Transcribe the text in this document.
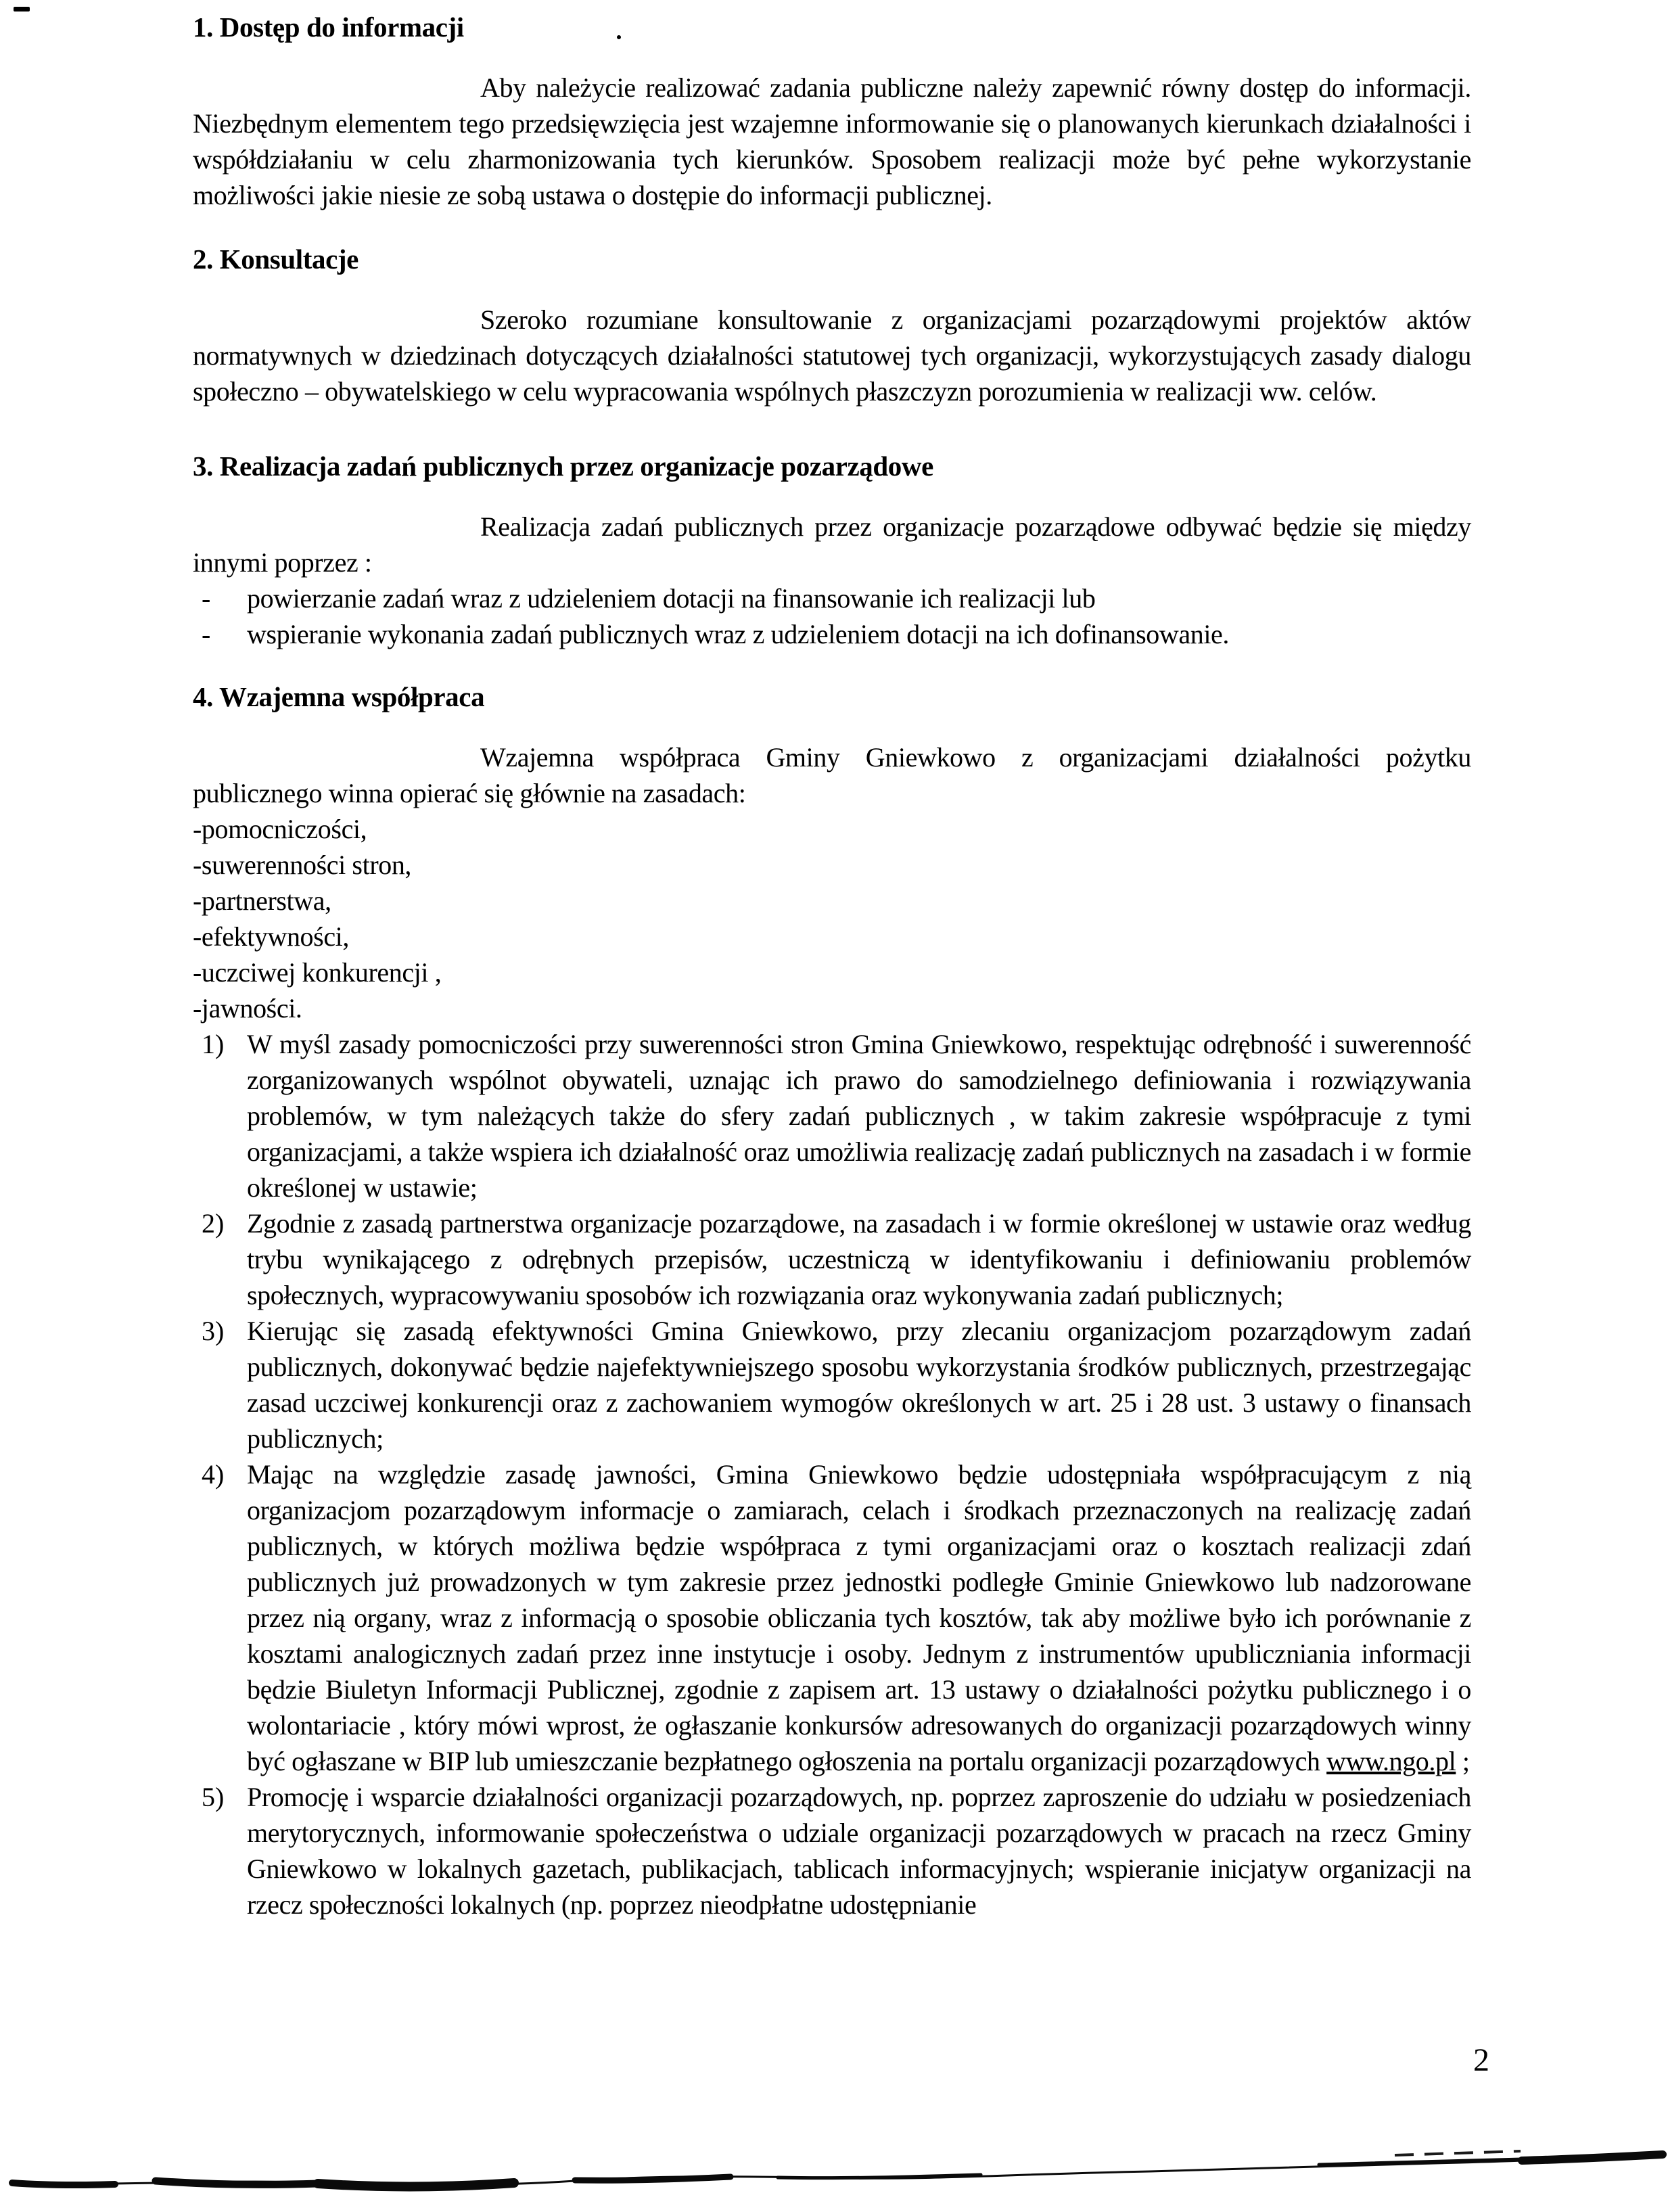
1. Dostęp do informacji

Aby należycie realizować zadania publiczne należy zapewnić równy dostęp do informacji. Niezbędnym elementem tego przedsięwzięcia jest wzajemne informowanie się o planowanych kierunkach działalności i współdziałaniu w celu zharmonizowania tych kierunków. Sposobem realizacji może być pełne wykorzystanie możliwości jakie niesie ze sobą ustawa o dostępie do informacji publicznej.

2. Konsultacje

Szeroko rozumiane konsultowanie z organizacjami pozarządowymi projektów aktów normatywnych w dziedzinach dotyczących działalności statutowej tych organizacji, wykorzystujących zasady dialogu społeczno – obywatelskiego w celu wypracowania wspólnych płaszczyzn porozumienia w realizacji ww. celów.

3. Realizacja zadań publicznych przez organizacje pozarządowe

Realizacja zadań publicznych przez organizacje pozarządowe odbywać będzie się między innymi poprzez :

- powierzanie zadań wraz z udzieleniem dotacji na finansowanie ich realizacji lub
- wspieranie wykonania zadań publicznych wraz z udzieleniem dotacji na ich dofinansowanie.

4. Wzajemna współpraca

Wzajemna współpraca Gminy Gniewkowo z organizacjami działalności pożytku publicznego winna opierać się głównie na zasadach:

-pomocniczości,

-suwerenności stron,

-partnerstwa,

-efektywności,

-uczciwej konkurencji ,

-jawności.

1) W myśl zasady pomocniczości przy suwerenności stron Gmina Gniewkowo, respektując odrębność i suwerenność zorganizowanych wspólnot obywateli, uznając ich prawo do samodzielnego definiowania i rozwiązywania problemów, w tym należących także do sfery zadań publicznych , w takim zakresie współpracuje z tymi organizacjami, a także wspiera ich działalność oraz umożliwia realizację zadań publicznych na zasadach i w formie określonej w ustawie;
2) Zgodnie z zasadą partnerstwa organizacje pozarządowe, na zasadach i w formie określonej w ustawie oraz według trybu wynikającego z odrębnych przepisów, uczestniczą w identyfikowaniu i definiowaniu problemów społecznych, wypracowywaniu sposobów ich rozwiązania oraz wykonywania zadań publicznych;
3) Kierując się zasadą efektywności Gmina Gniewkowo, przy zlecaniu organizacjom pozarządowym zadań publicznych, dokonywać będzie najefektywniejszego sposobu wykorzystania środków publicznych, przestrzegając zasad uczciwej konkurencji oraz z zachowaniem wymogów określonych w art. 25 i 28 ust. 3 ustawy o finansach publicznych;
4) Mając na względzie zasadę jawności, Gmina Gniewkowo będzie udostępniała współpracującym z nią organizacjom pozarządowym informacje o zamiarach, celach i środkach przeznaczonych na realizację zadań publicznych, w których możliwa będzie współpraca z tymi organizacjami oraz o kosztach realizacji zdań publicznych już prowadzonych w tym zakresie przez jednostki podległe Gminie Gniewkowo lub nadzorowane przez nią organy, wraz z informacją o sposobie obliczania tych kosztów, tak aby możliwe było ich porównanie z kosztami analogicznych zadań przez inne instytucje i osoby. Jednym z instrumentów upubliczniania informacji będzie Biuletyn Informacji Publicznej, zgodnie z zapisem art. 13 ustawy o działalności pożytku publicznego i o wolontariacie , który mówi wprost, że ogłaszanie konkursów adresowanych do organizacji pozarządowych winny być ogłaszane w BIP lub umieszczanie bezpłatnego ogłoszenia na portalu organizacji pozarządowych www.ngo.pl ;
5) Promocję i wsparcie działalności organizacji pozarządowych, np. poprzez zaproszenie do udziału w posiedzeniach merytorycznych, informowanie społeczeństwa o udziale organizacji pozarządowych w pracach na rzecz Gminy Gniewkowo w lokalnych gazetach, publikacjach, tablicach informacyjnych; wspieranie inicjatyw organizacji na rzecz społeczności lokalnych (np. poprzez nieodpłatne udostępnianie
2
